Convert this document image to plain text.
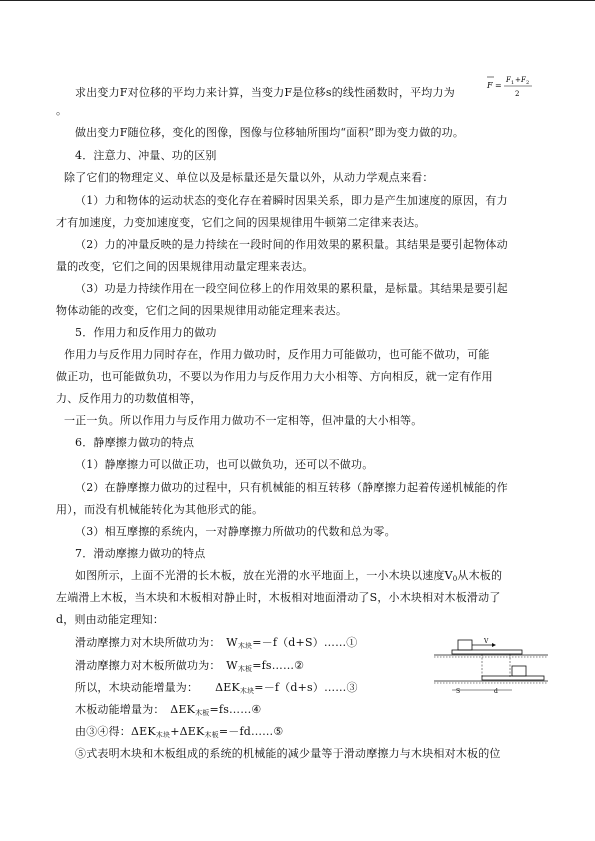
F =
F 1 + F 2
2
求出变力F对位移的平均力来计算，当变力F是位移s的线性函数时，平均力为
。
做出变力F随位移，变化的图像，图像与位移轴所围均“面积”即为变力做的功。
4．注意力、冲量、功的区别
除了它们的物理定义、单位以及是标量还是矢量以外，从动力学观点来看：
（1）力和物体的运动状态的变化存在着瞬时因果关系，即力是产生加速度的原因，有力
才有加速度，力变加速度变，它们之间的因果规律用牛顿第二定律来表达。
（2）力的冲量反映的是力持续在一段时间的作用效果的累积量。其结果是要引起物体动
量的改变，它们之间的因果规律用动量定理来表达。
（3）功是力持续作用在一段空间位移上的作用效果的累积量，是标量。其结果是要引起
物体动能的改变，它们之间的因果规律用动能定理来表达。
5．作用力和反作用力的做功
作用力与反作用力同时存在，作用力做功时，反作用力可能做功，也可能不做功，可能
做正功，也可能做负功，不要以为作用力与反作用力大小相等、方向相反，就一定有作用
力、反作用力的功数值相等，
一正一负。所以作用力与反作用力做功不一定相等，但冲量的大小相等。
6．静摩擦力做功的特点
（1）静摩擦力可以做正功，也可以做负功，还可以不做功。
（2）在静摩擦力做功的过程中，只有机械能的相互转移（静摩擦力起着传递机械能的作
用），而没有机械能转化为其他形式的能。
（3）相互摩擦的系统内，一对静摩擦力所做功的代数和总为零。
7．滑动摩擦力做功的特点
如图所示，上面不光滑的长木板，放在光滑的水平地面上，一小木块以速度$V_0$从木板的
左端滑上木板，当木块和木板相对静止时，木板相对地面滑动了S，小木块相对木板滑动了
d，则由动能定理知：
滑动摩擦力对木块所做功为：　$W_{木块}=-f(d+S)\dots\dots ①$
滑动摩擦力对木板所做功为：　$W_{木板}=fs\dots\dots ②$
所以，木块动能增量为：　　$\Delta EK_{木块}=-f(d+s)\dots\dots ③$
木板动能增量为：　$\Delta EK_{木板}=fs\dots\dots ④$
由③④得：$\Delta EK_{木块}+\Delta EK_{木板}=-fd\dots\dots ⑤$
⑤式表明木块和木板组成的系统的机械能的减少量等于滑动摩擦力与木块相对木板的位
V
S	d
